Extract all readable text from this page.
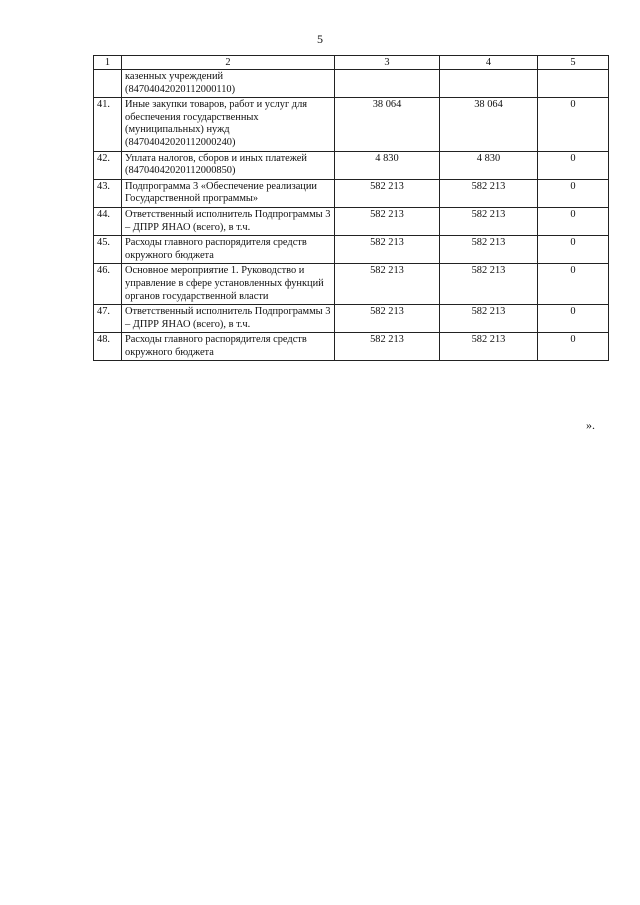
5
1	2	3	4	5
	казенных учреждений (84704042020112000110)			
41.	Иные закупки товаров, работ и услуг для обеспечения государственных (муниципальных) нужд (84704042020112000240)	38 064	38 064	0
42.	Уплата налогов, сборов и иных платежей (84704042020112000850)	4 830	4 830	0
43.	Подпрограмма 3 «Обеспечение реализации Государственной программы»	582 213	582 213	0
44.	Ответственный исполнитель Подпрограммы 3 – ДПРР ЯНАО (всего), в т.ч.	582 213	582 213	0
45.	Расходы главного распорядителя средств окружного бюджета	582 213	582 213	0
46.	Основное мероприятие 1. Руководство и управление в сфере установленных функций органов государственной власти	582 213	582 213	0
47.	Ответственный исполнитель Подпрограммы 3 – ДПРР ЯНАО (всего), в т.ч.	582 213	582 213	0
48.	Расходы главного распорядителя средств окружного бюджета	582 213	582 213	0
».
